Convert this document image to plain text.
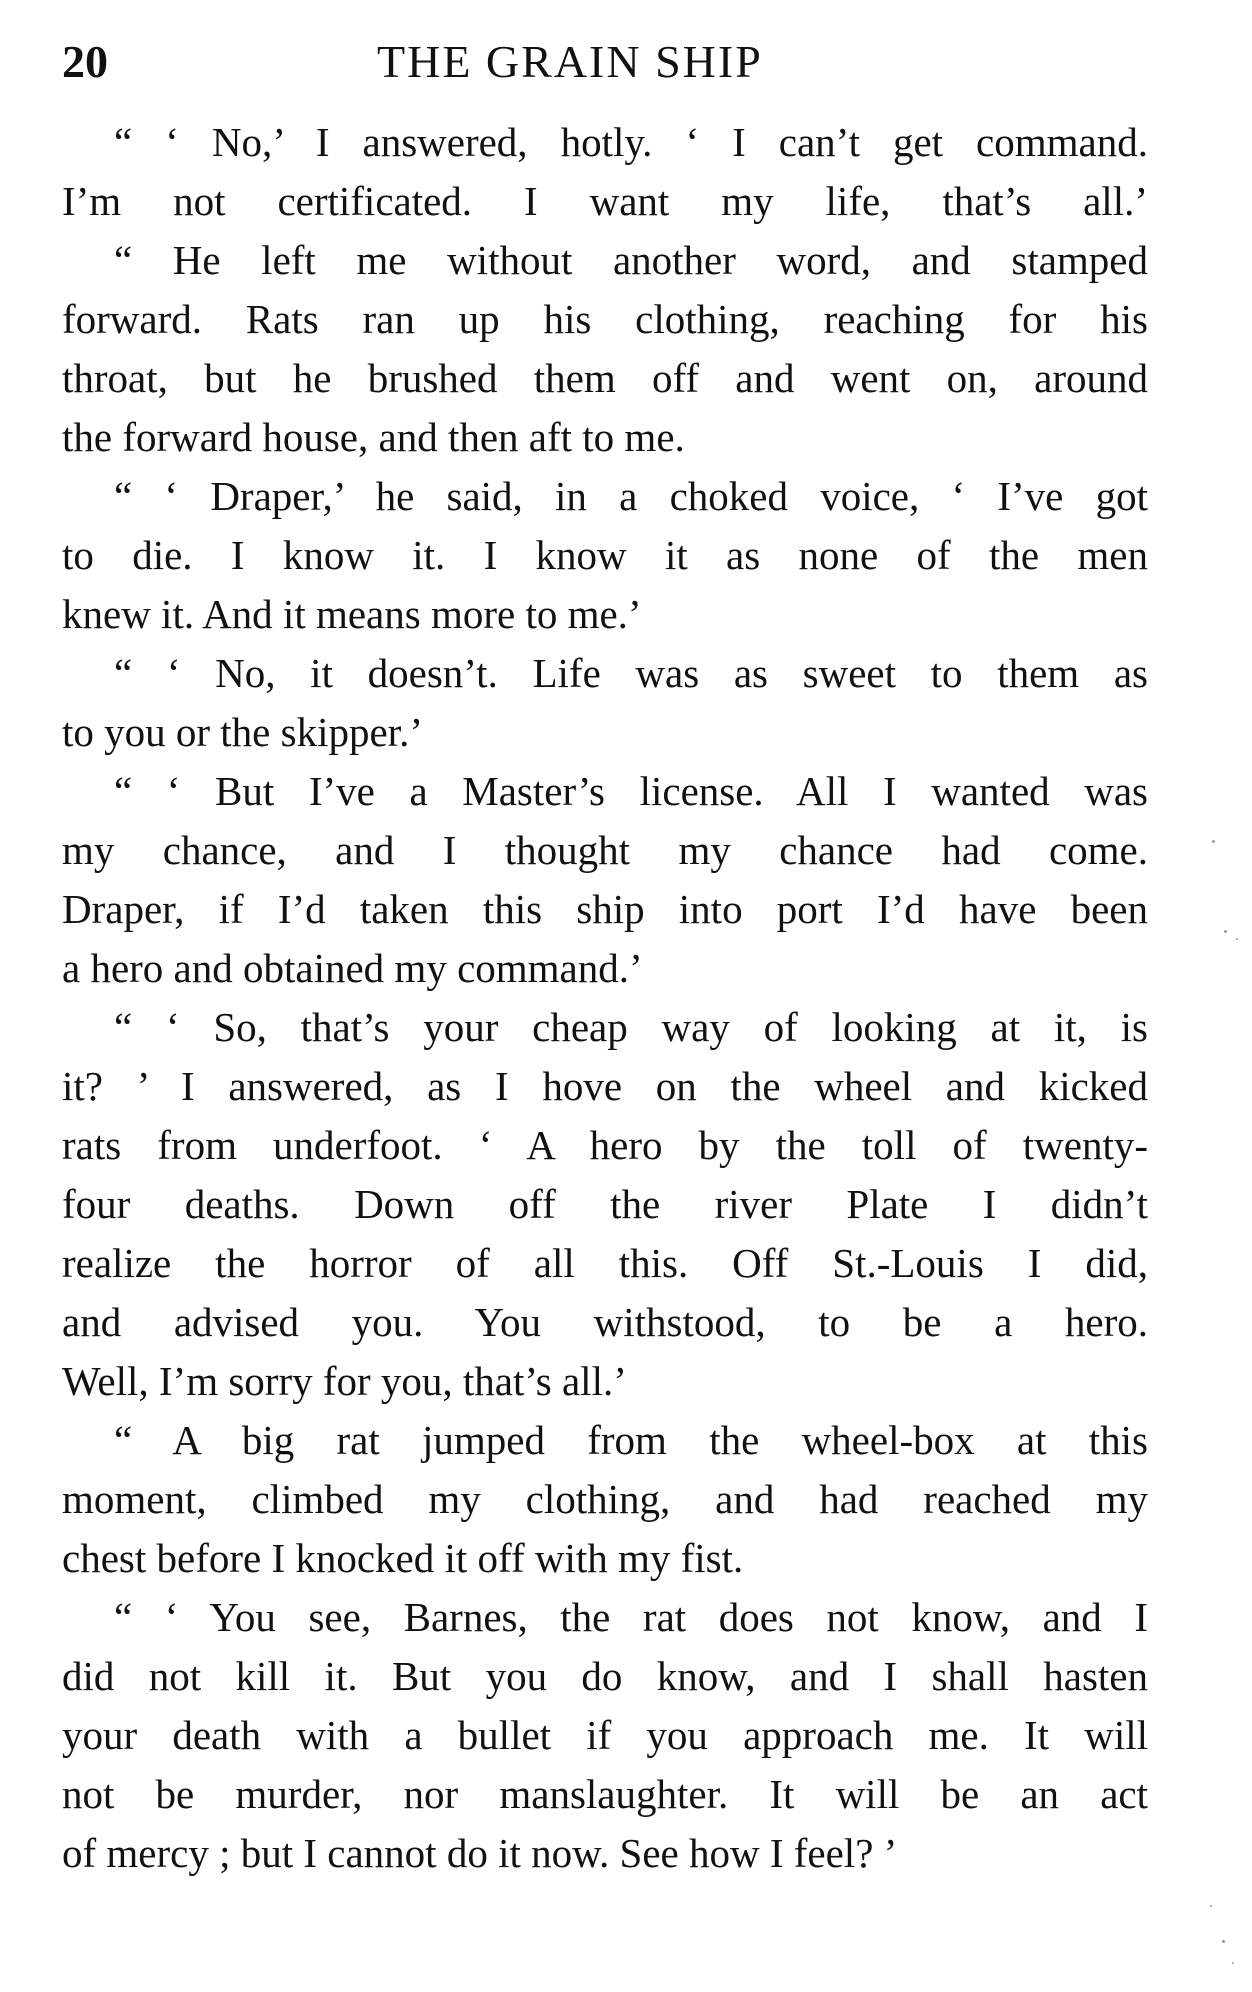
20	THE GRAIN SHIP
“ ‘ No,’ I answered, hotly. ‘ I can’t get command.
I’m not certificated. I want my life, that’s all.’
“ He left me without another word, and stamped
forward. Rats ran up his clothing, reaching for his
throat, but he brushed them off and went on, around
the forward house, and then aft to me.
“ ‘ Draper,’ he said, in a choked voice, ‘ I’ve got
to die. I know it. I know it as none of the men
knew it. And it means more to me.’
“ ‘ No, it doesn’t. Life was as sweet to them as
to you or the skipper.’
“ ‘ But I’ve a Master’s license. All I wanted was
my chance, and I thought my chance had come.
Draper, if I’d taken this ship into port I’d have been
a hero and obtained my command.’
“ ‘ So, that’s your cheap way of looking at it, is
it? ’ I answered, as I hove on the wheel and kicked
rats from underfoot. ‘ A hero by the toll of twenty-
four deaths. Down off the river Plate I didn’t
realize the horror of all this. Off St.-Louis I did,
and advised you. You withstood, to be a hero.
Well, I’m sorry for you, that’s all.’
“ A big rat jumped from the wheel-box at this
moment, climbed my clothing, and had reached my
chest before I knocked it off with my fist.
“ ‘ You see, Barnes, the rat does not know, and I
did not kill it. But you do know, and I shall hasten
your death with a bullet if you approach me. It will
not be murder, nor manslaughter. It will be an act
of mercy ; but I cannot do it now. See how I feel? ’
